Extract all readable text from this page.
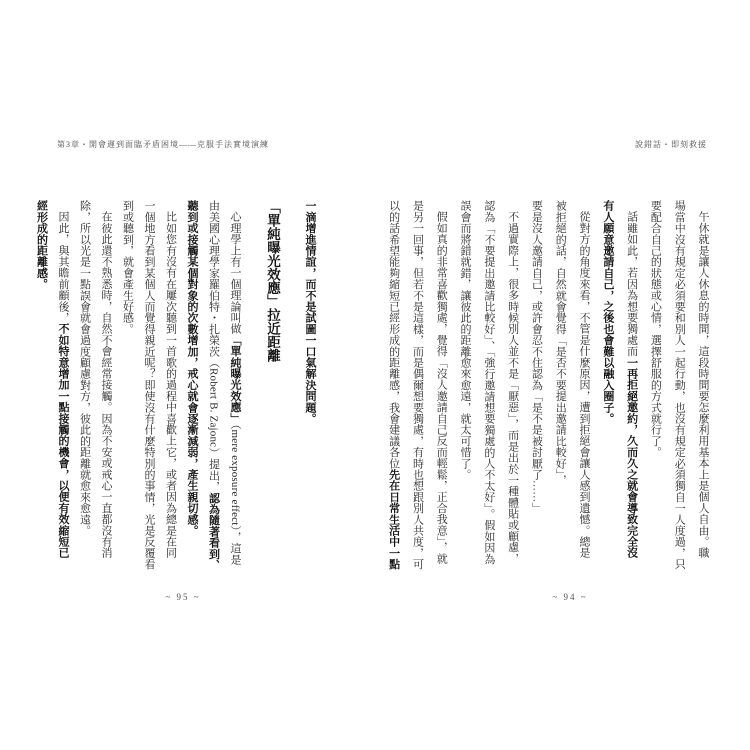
第3章・開會遲到面臨矛盾困境——克服手法實境演練	說錯話・即刻救援
一滴增進情誼，而不是試圖一口氣解決問題。
「單純曝光效應」拉近距離
心理學上有一個理論叫做「單純曝光效應」（mere exposure effect），這是
由美國心理學家羅伯特・扎榮茨（Robert B. Zajonc）提出，認為隨著看到、
聽到或接觸某個對象的次數增加，戒心就會逐漸減弱，產生親切感。
比如您有沒有在屢次聽到一首歌的過程中喜歡上它，或者因為總是在同
一個地方看到某個人而覺得親近呢？即使沒有什麼特別的事情，光是反覆看
到或聽到，就會產生好感。
在彼此還不熟悉時，自然不會經常接觸。因為不安或戒心一直都沒有消
除，所以光是一點誤會就會過度顧慮對方，彼此的距離就愈來愈遠。
因此，與其瞻前顧後，不如特意增加一點接觸的機會，以便有效縮短已
經形成的距離感。	午休就是讓人休息的時間，這段時間要怎麼利用基本上是個人自由。職
場當中沒有規定必須要和別人一起行動，也沒有規定必須獨自一人度過，只
要配合自己的狀態或心情，選擇舒服的方式就行了。
話雖如此，若因為想要獨處而一再拒絕邀約，久而久之就會導致完全沒
有人願意邀請自己，之後也會難以融入圈子。
從對方的角度來看，不管是什麼原因，遭到拒絕會讓人感到遺憾。總是
被拒絕的話，自然就會覺得「是否不要提出邀請比較好」，
要是沒人邀請自己，或許會忍不住認為「是不是被討厭了……」
不過實際上，很多時候別人並不是「厭惡」，而是出於一種體貼或顧慮，
認為「不要提出邀請比較好」、「強行邀請想要獨處的人不太好」。假如因為
誤會而將錯就錯，讓彼此的距離愈來愈遠，就太可惜了。
假如真的非常喜歡獨處，覺得「沒人邀請自己反而輕鬆，正合我意」，就
是另一回事，但若不是這樣，而是偶爾想要獨處，有時也想跟別人共度，可
以的話希望能夠縮短已經形成的距離感，我會建議各位先在日常生活中一點
~ 95 ~	~ 94 ~
